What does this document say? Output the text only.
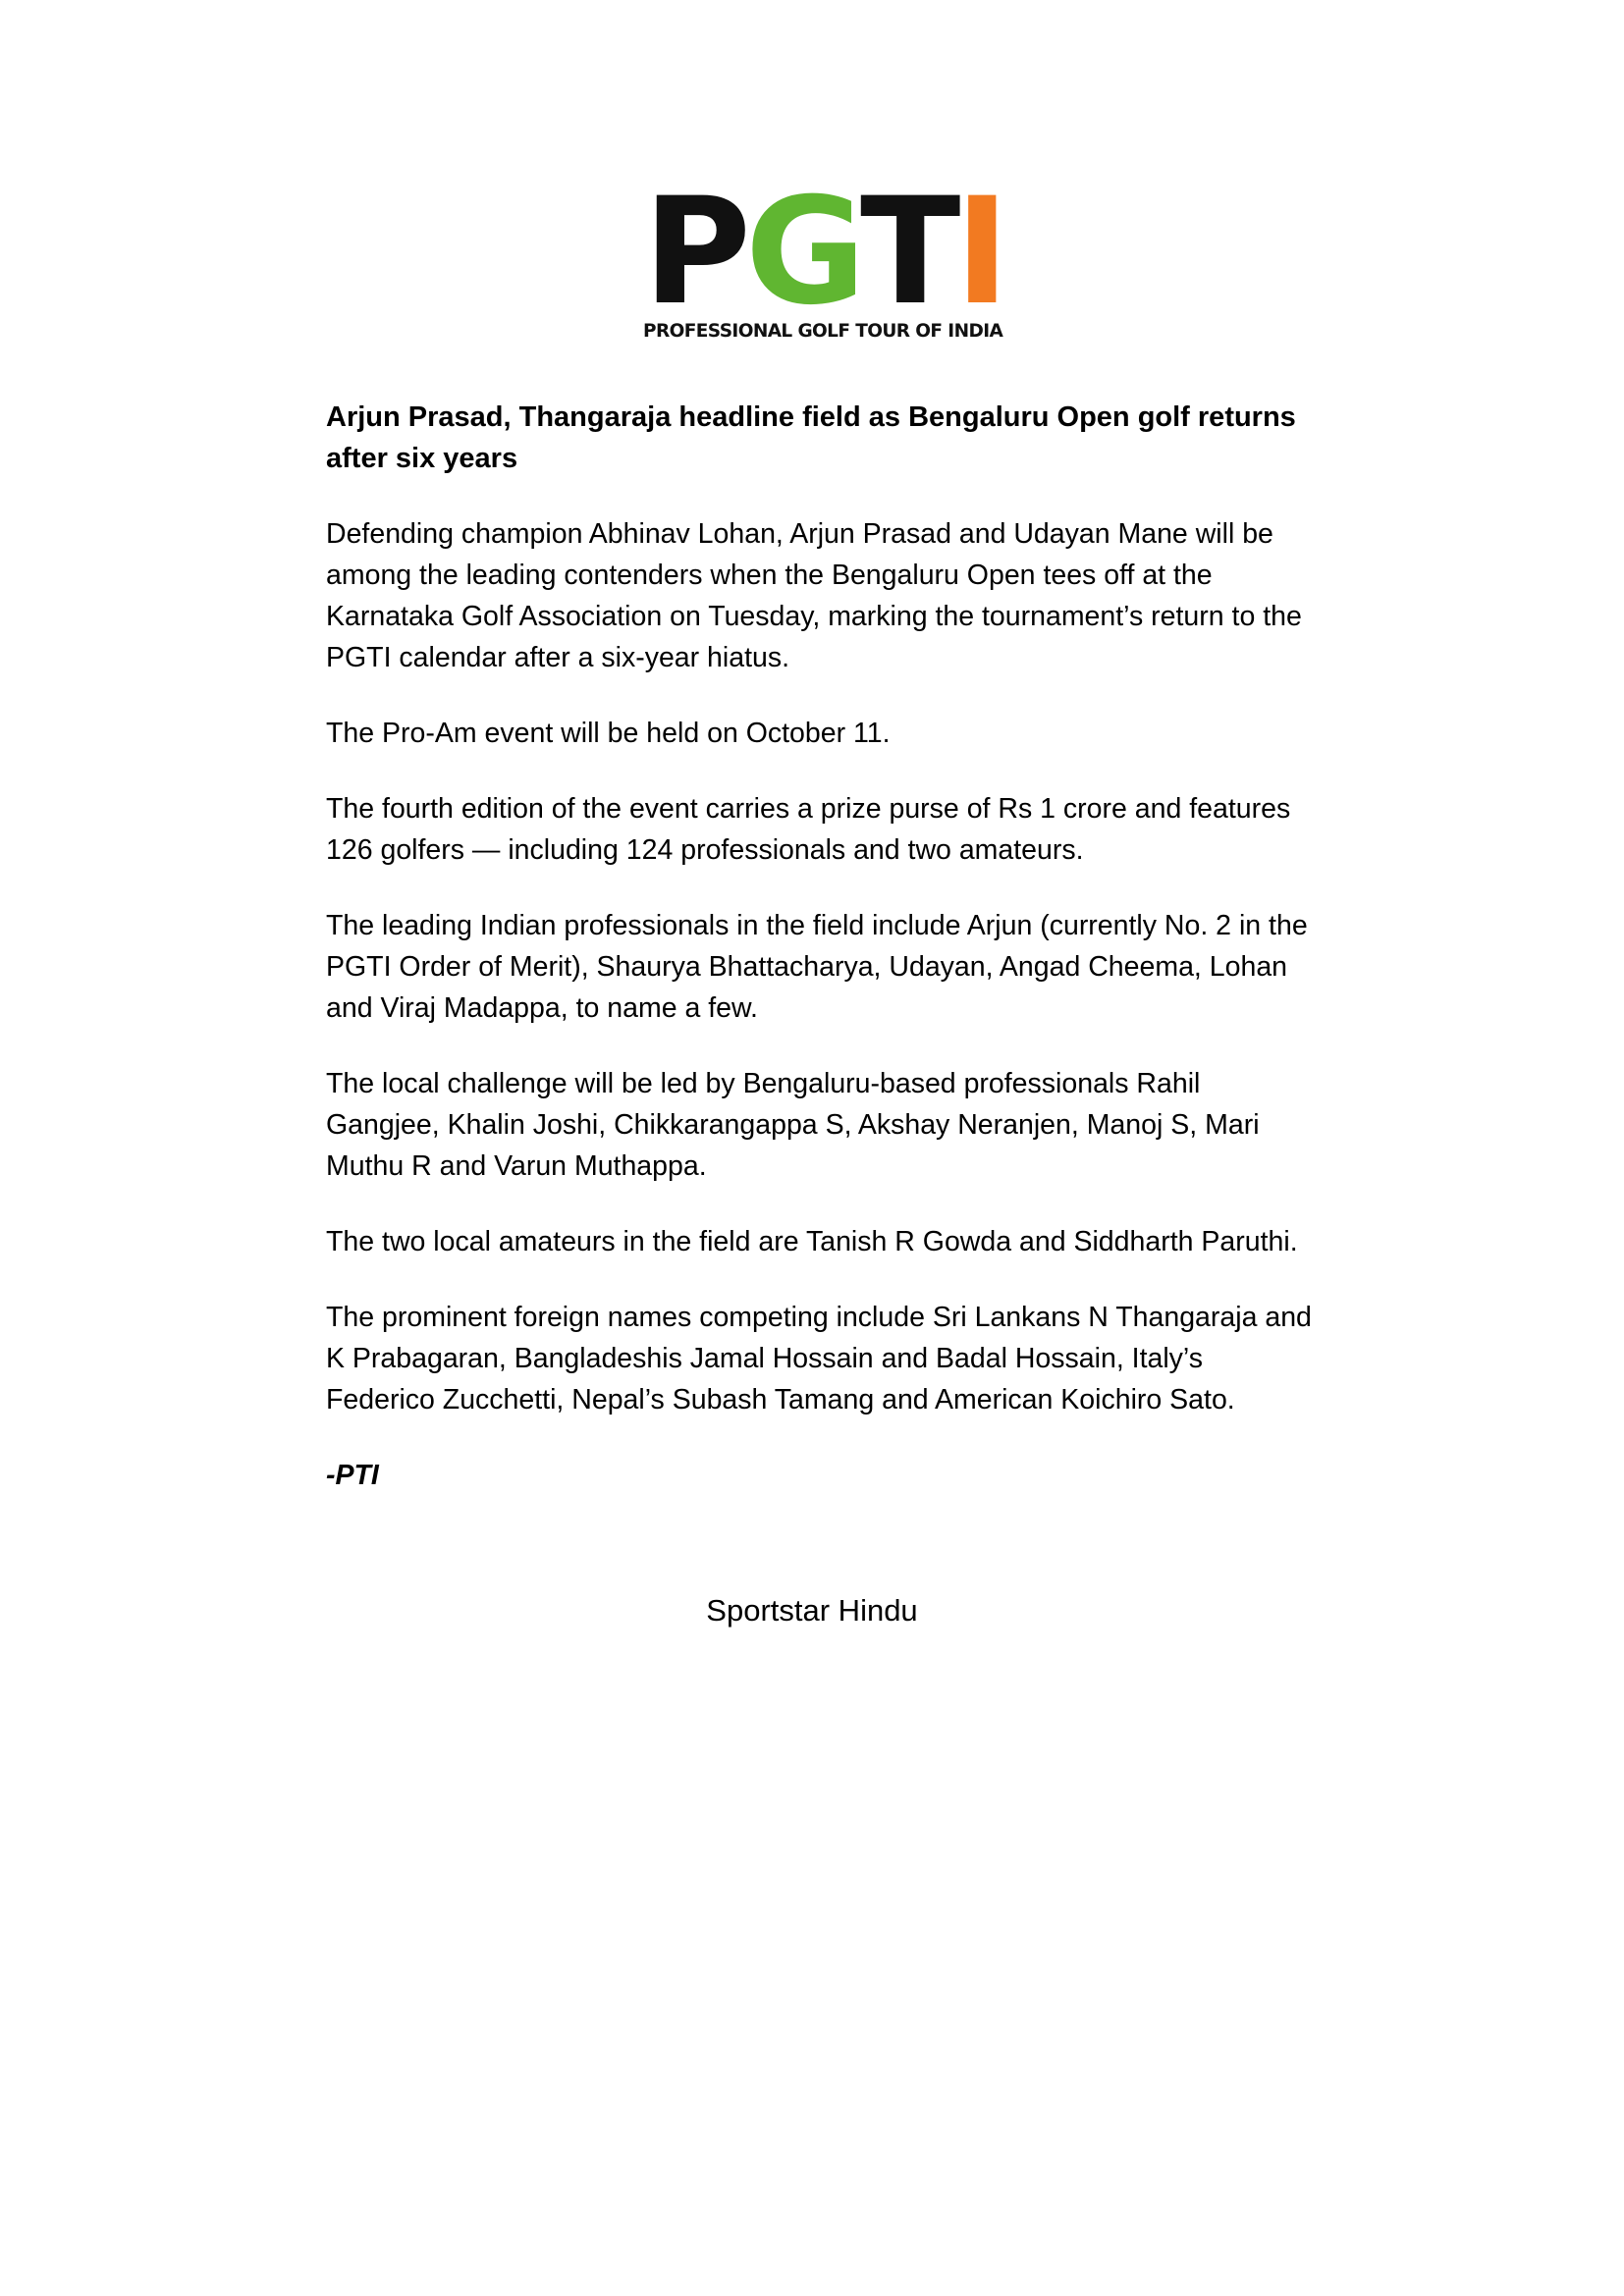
PGTI
PROFESSIONAL GOLF TOUR OF INDIA

Arjun Prasad, Thangaraja headline field as Bengaluru Open golf returns after six years

Defending champion Abhinav Lohan, Arjun Prasad and Udayan Mane will be among the leading contenders when the Bengaluru Open tees off at the Karnataka Golf Association on Tuesday, marking the tournament’s return to the PGTI calendar after a six-year hiatus.

The Pro-Am event will be held on October 11.

The fourth edition of the event carries a prize purse of Rs 1 crore and features 126 golfers — including 124 professionals and two amateurs.

The leading Indian professionals in the field include Arjun (currently No. 2 in the PGTI Order of Merit), Shaurya Bhattacharya, Udayan, Angad Cheema, Lohan and Viraj Madappa, to name a few.

The local challenge will be led by Bengaluru-based professionals Rahil Gangjee, Khalin Joshi, Chikkarangappa S, Akshay Neranjen, Manoj S, Mari Muthu R and Varun Muthappa.

The two local amateurs in the field are Tanish R Gowda and Siddharth Paruthi.

The prominent foreign names competing include Sri Lankans N Thangaraja and K Prabagaran, Bangladeshis Jamal Hossain and Badal Hossain, Italy’s Federico Zucchetti, Nepal’s Subash Tamang and American Koichiro Sato.

-PTI

Sportstar Hindu
